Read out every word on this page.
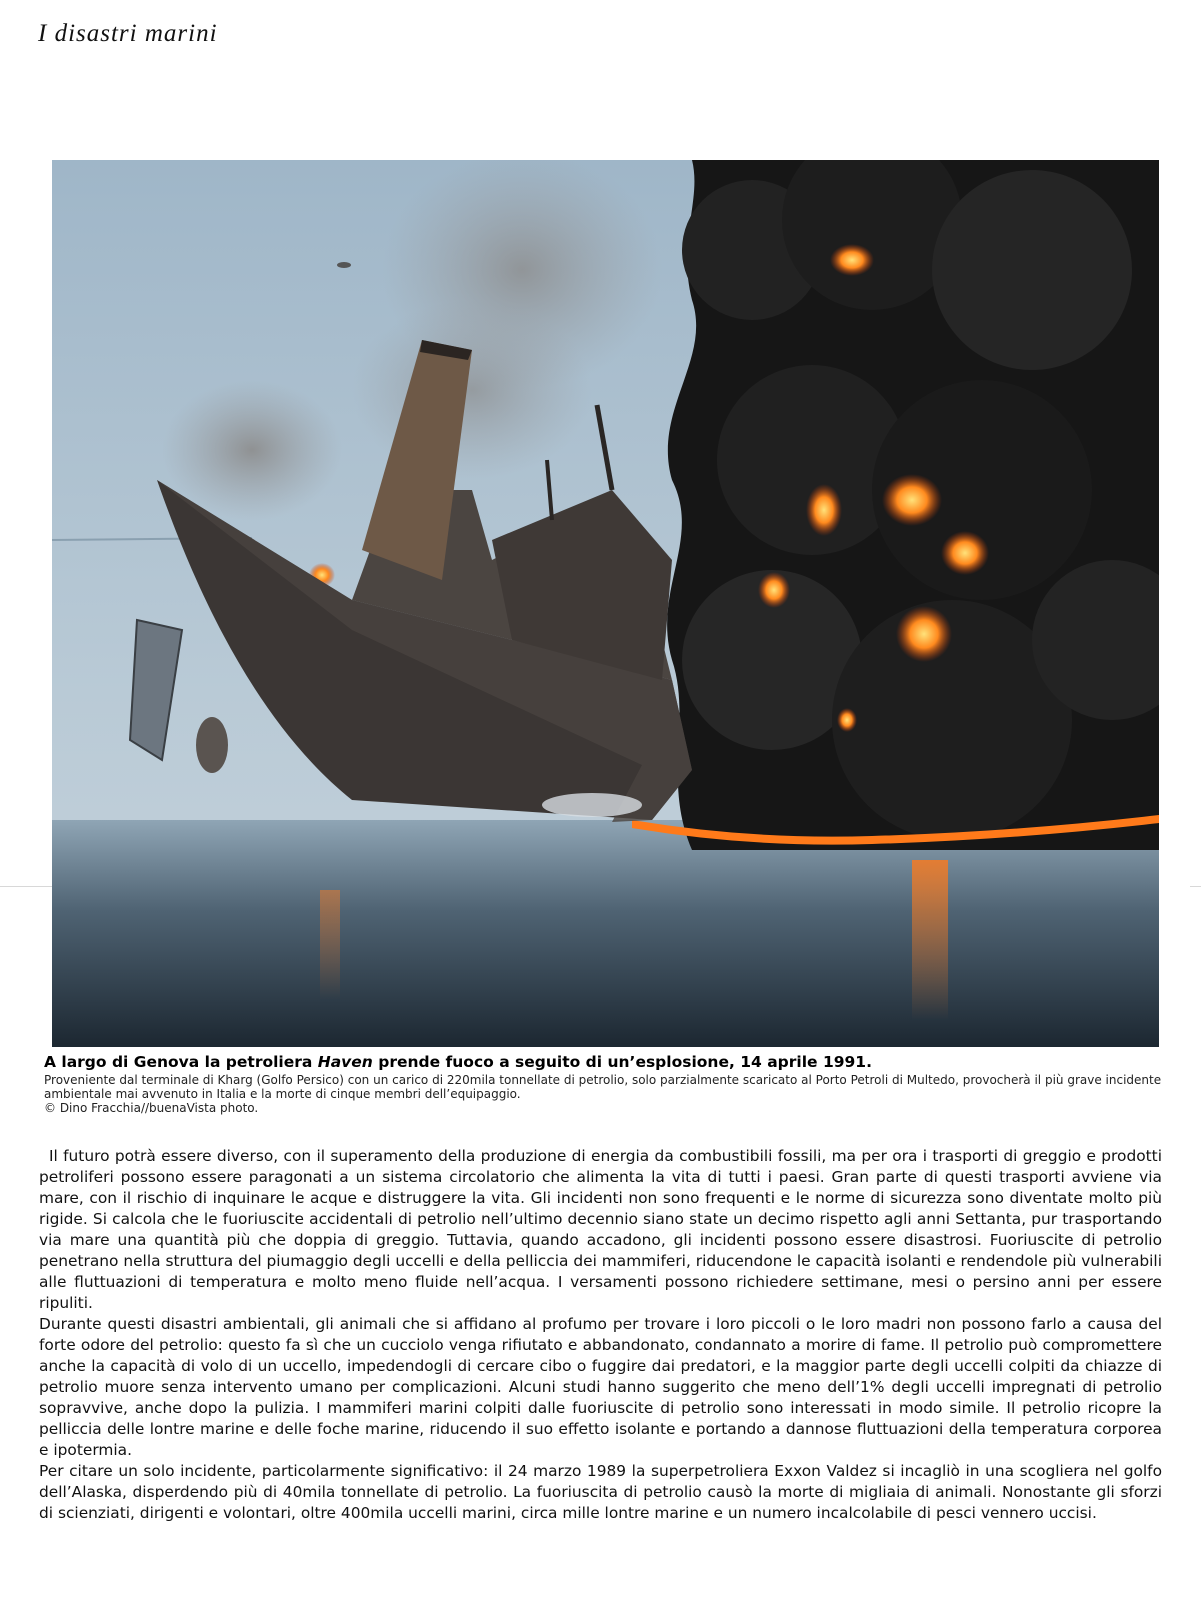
I disastri marini
A largo di Genova la petroliera Haven prende fuoco a seguito di un’esplosione, 14 aprile 1991.
Proveniente dal terminale di Kharg (Golfo Persico) con un carico di 220mila tonnellate di petrolio, solo parzialmente scaricato al Porto Petroli di Multedo, provocherà il più grave incidente ambientale mai avvenuto in Italia e la morte di cinque membri dell’equipaggio.
© Dino Fracchia//buenaVista photo.

Il futuro potrà essere diverso, con il superamento della produzione di energia da combustibili fossili, ma per ora i trasporti di greggio e prodotti petroliferi possono essere paragonati a un sistema circolatorio che alimenta la vita di tutti i paesi. Gran parte di questi trasporti avviene via mare, con il rischio di inquinare le acque e distruggere la vita. Gli incidenti non sono frequenti e le norme di sicurezza sono diventate molto più rigide. Si calcola che le fuoriuscite accidentali di petrolio nell’ultimo decennio siano state un decimo rispetto agli anni Settanta, pur trasportando via mare una quantità più che doppia di greggio. Tuttavia, quando accadono, gli incidenti possono essere disastrosi. Fuoriuscite di petrolio penetrano nella struttura del piumaggio degli uccelli e della pelliccia dei mammiferi, riducendone le capacità isolanti e rendendole più vulnerabili alle fluttuazioni di temperatura e molto meno fluide nell’acqua. I versamenti possono richiedere settimane, mesi o persino anni per essere ripuliti.

Durante questi disastri ambientali, gli animali che si affidano al profumo per trovare i loro piccoli o le loro madri non possono farlo a causa del forte odore del petrolio: questo fa sì che un cucciolo venga rifiutato e abbandonato, condannato a morire di fame. Il petrolio può compromettere anche la capacità di volo di un uccello, impedendogli di cercare cibo o fuggire dai predatori, e la maggior parte degli uccelli colpiti da chiazze di petrolio muore senza intervento umano per complicazioni. Alcuni studi hanno suggerito che meno dell’1% degli uccelli impregnati di petrolio sopravvive, anche dopo la pulizia. I mammiferi marini colpiti dalle fuoriuscite di petrolio sono interessati in modo simile. Il petrolio ricopre la pelliccia delle lontre marine e delle foche marine, riducendo il suo effetto isolante e portando a dannose fluttuazioni della temperatura corporea e ipotermia.

Per citare un solo incidente, particolarmente significativo: il 24 marzo 1989 la superpetroliera Exxon Valdez si incagliò in una scogliera nel golfo dell’Alaska, disperdendo più di 40mila tonnellate di petrolio. La fuoriuscita di petrolio causò la morte di migliaia di animali. Nonostante gli sforzi di scienziati, dirigenti e volontari, oltre 400mila uccelli marini, circa mille lontre marine e un numero incalcolabile di pesci vennero uccisi.
